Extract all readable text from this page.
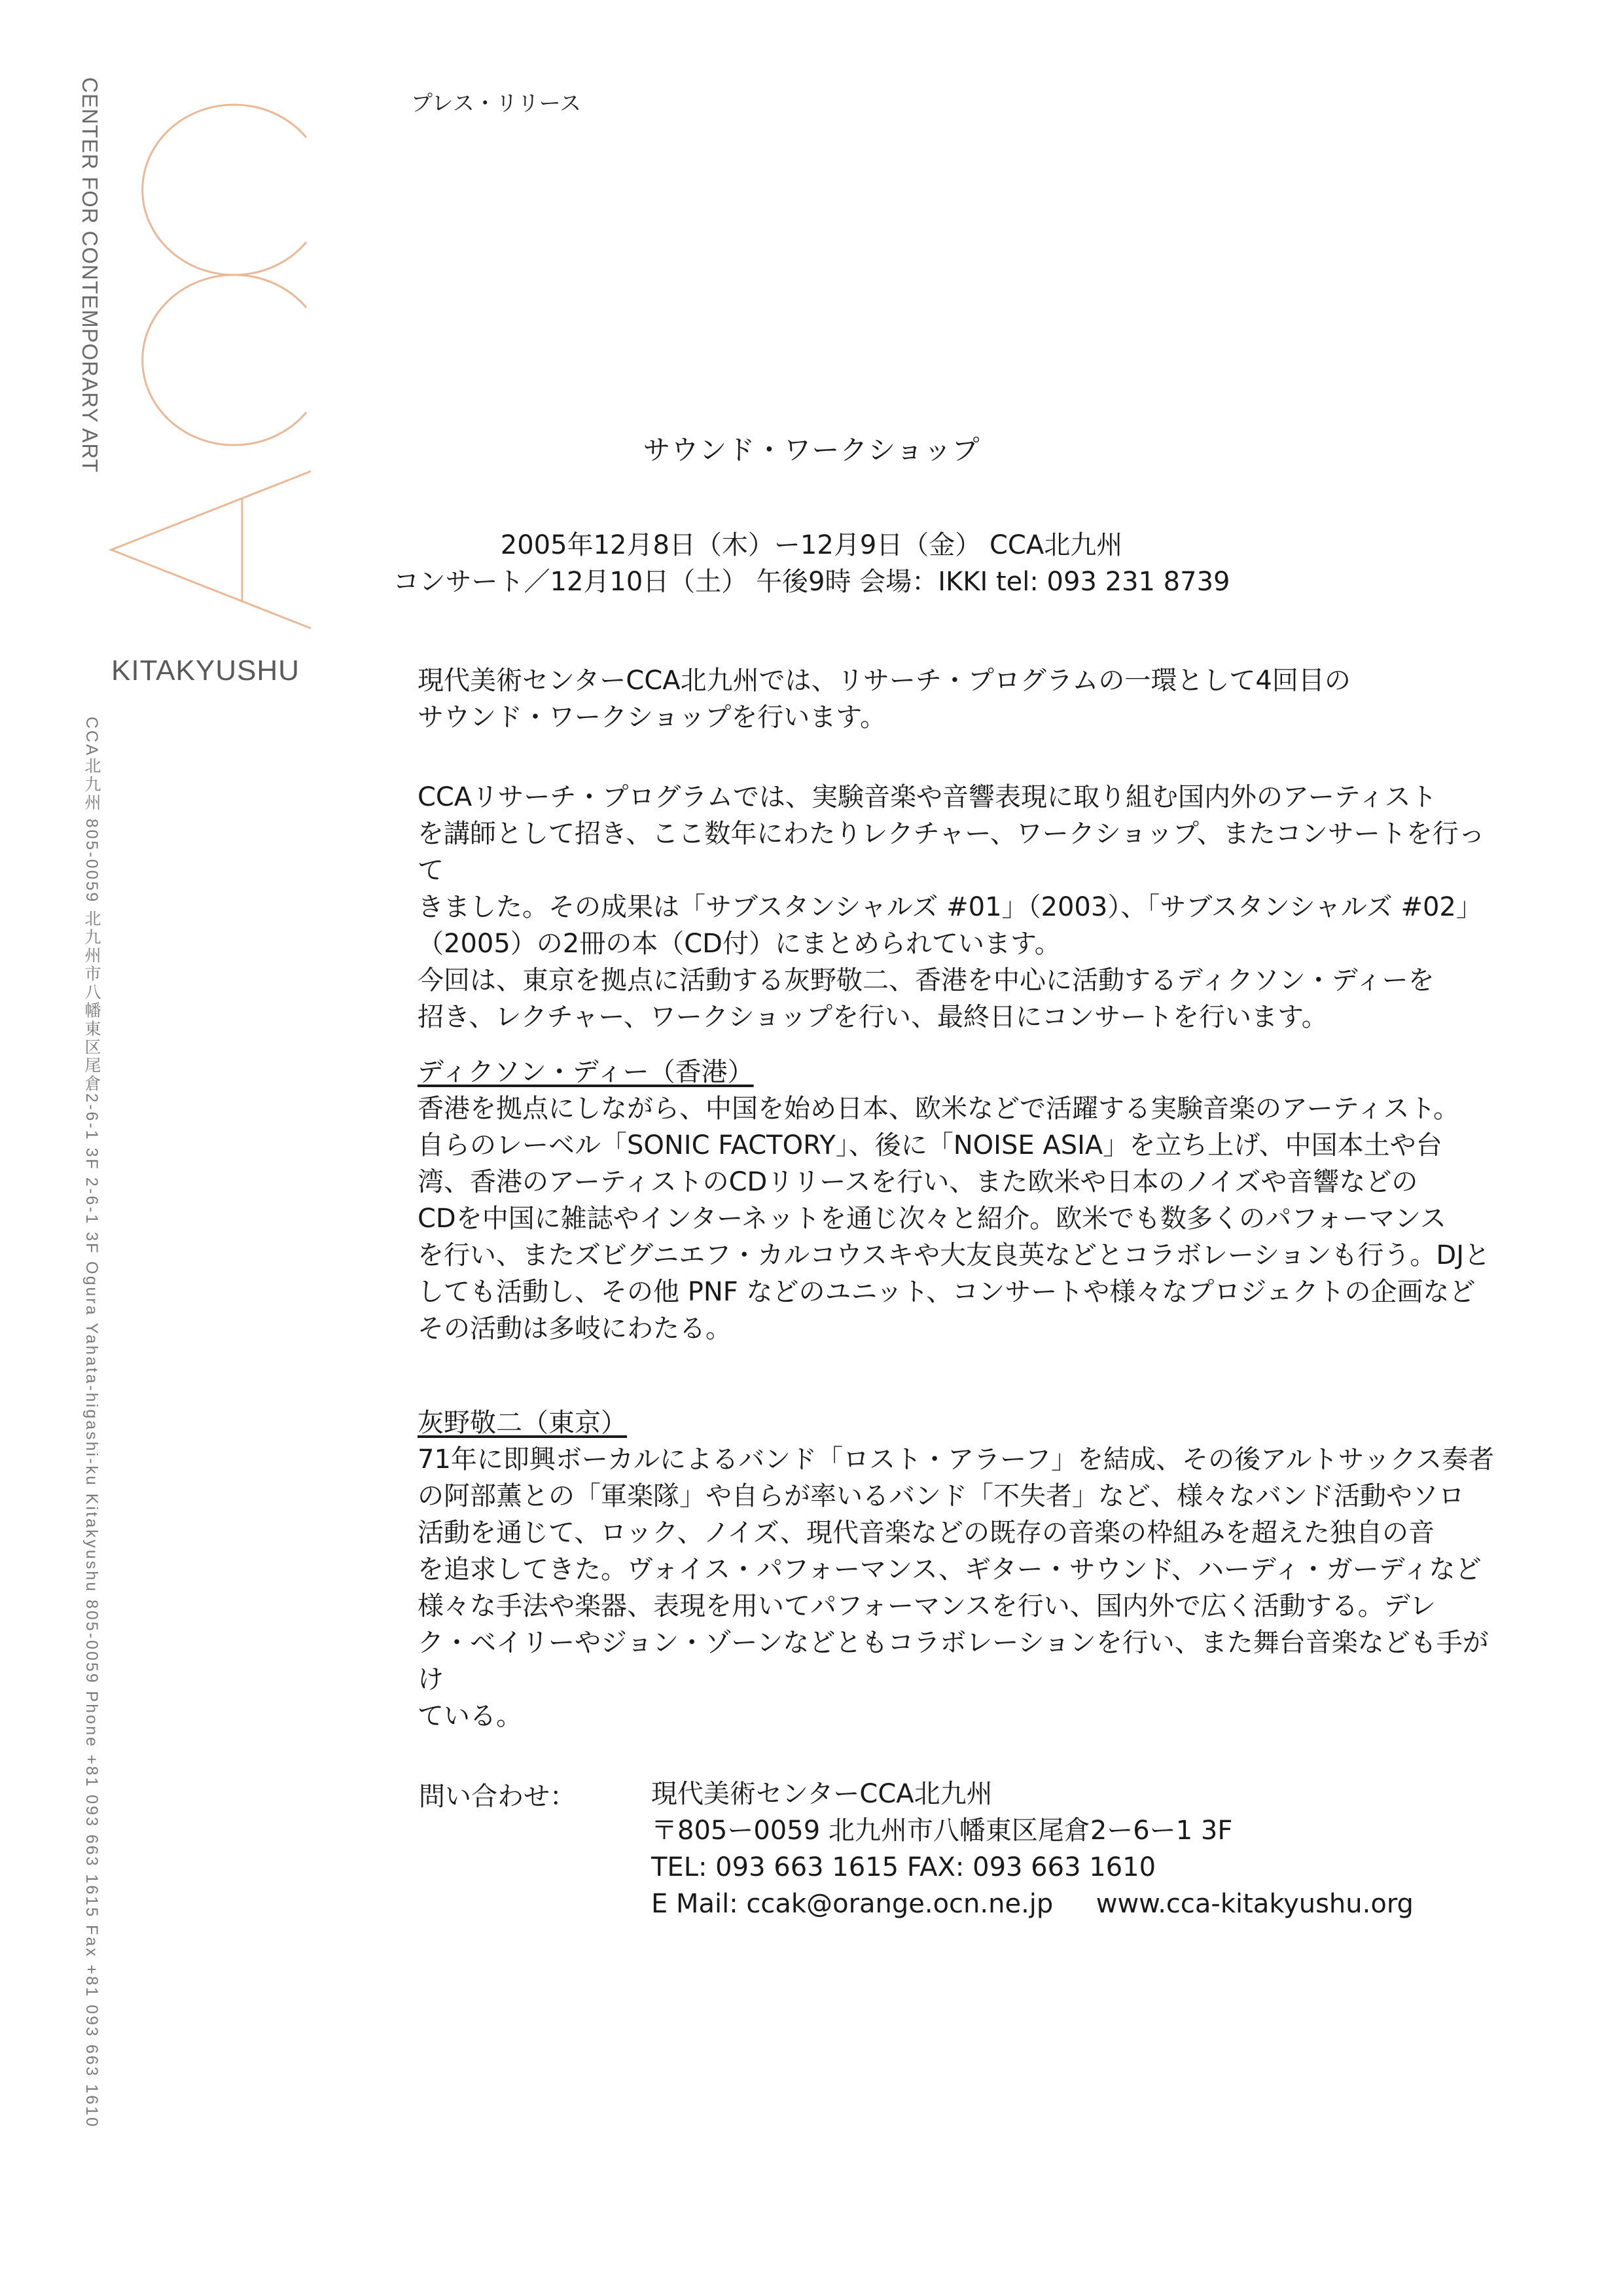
CENTER FOR CONTEMPORARY ART
KITAKYUSHU
CCA北九州 805-0059 北九州市八幡東区尾倉2-6-1 3F 2-6-1 3F Ogura Yahata-higashi-ku Kitakyushu 805-0059 Phone +81 093 663 1615 Fax +81 093 663 1610
プレス・リリース
サウンド・ワークショップ
2005年12月8日（木）ー12月9日（金） CCA北九州
コンサート／12月10日（土） 午後9時 会場：IKKI tel: 093 231 8739

現代美術センターCCA北九州では、リサーチ・プログラムの一環として4回目の

サウンド・ワークショップを行います。

CCAリサーチ・プログラムでは、実験音楽や音響表現に取り組む国内外のアーティスト

を講師として招き、ここ数年にわたりレクチャー、ワークショップ、またコンサートを行って

きました。その成果は「サブスタンシャルズ #01」（2003）、「サブスタンシャルズ #02」

（2005）の2冊の本（CD付）にまとめられています。

今回は、東京を拠点に活動する灰野敬二、香港を中心に活動するディクソン・ディーを

招き、レクチャー、ワークショップを行い、最終日にコンサートを行います。

ディクソン・ディー（香港）

香港を拠点にしながら、中国を始め日本、欧米などで活躍する実験音楽のアーティスト。

自らのレーベル「SONIC FACTORY」、後に「NOISE ASIA」を立ち上げ、中国本土や台

湾、香港のアーティストのCDリリースを行い、また欧米や日本のノイズや音響などの

CDを中国に雑誌やインターネットを通じ次々と紹介。欧米でも数多くのパフォーマンス

を行い、またズビグニエフ・カルコウスキや大友良英などとコラボレーションも行う。DJと

しても活動し、その他 PNF などのユニット、コンサートや様々なプロジェクトの企画など

その活動は多岐にわたる。

灰野敬二（東京）

71年に即興ボーカルによるバンド「ロスト・アラーフ」を結成、その後アルトサックス奏者

の阿部薫との「軍楽隊」や自らが率いるバンド「不失者」など、様々なバンド活動やソロ

活動を通じて、ロック、ノイズ、現代音楽などの既存の音楽の枠組みを超えた独自の音

を追求してきた。ヴォイス・パフォーマンス、ギター・サウンド、ハーディ・ガーディなど

様々な手法や楽器、表現を用いてパフォーマンスを行い、国内外で広く活動する。デレ

ク・ベイリーやジョン・ゾーンなどともコラボレーションを行い、また舞台音楽なども手がけ

ている。

問い合わせ：	現代美術センターCCA北九州
〒805ー0059 北九州市八幡東区尾倉2ー6ー1 3F
TEL: 093 663 1615 FAX: 093 663 1610
E Mail: ccak@orange.ocn.ne.jp www.cca-kitakyushu.org
